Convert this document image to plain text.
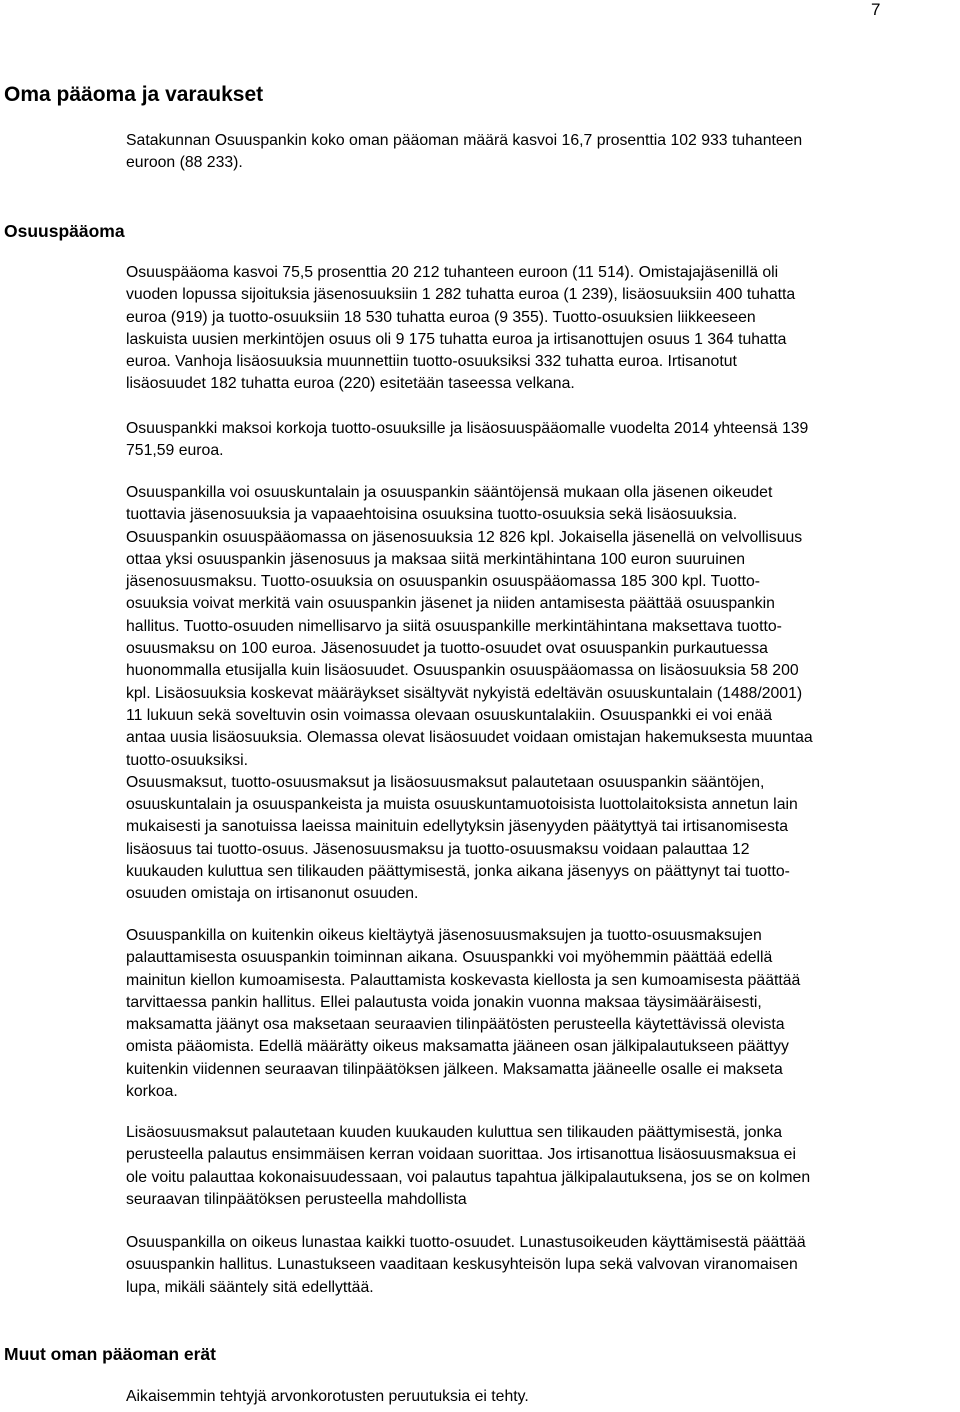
7
Oma pääoma ja varaukset

Satakunnan Osuuspankin koko oman pääoman määrä kasvoi 16,7 prosenttia 102 933 tuhanteen
euroon (88 233).

Osuuspääoma

Osuuspääoma kasvoi 75,5 prosenttia 20 212 tuhanteen euroon (11 514). Omistajajäsenillä oli
vuoden lopussa sijoituksia jäsenosuuksiin 1 282 tuhatta euroa (1 239), lisäosuuksiin 400 tuhatta
euroa (919) ja tuotto-osuuksiin 18 530 tuhatta euroa (9 355). Tuotto-osuuksien liikkeeseen
laskuista uusien merkintöjen osuus oli 9 175 tuhatta euroa ja irtisanottujen osuus 1 364 tuhatta
euroa. Vanhoja lisäosuuksia muunnettiin tuotto-osuuksiksi 332 tuhatta euroa. Irtisanotut
lisäosuudet 182 tuhatta euroa (220) esitetään taseessa velkana.

Osuuspankki maksoi korkoja tuotto-osuuksille ja lisäosuuspääomalle vuodelta 2014 yhteensä 139
751,59 euroa.

Osuuspankilla voi osuuskuntalain ja osuuspankin sääntöjensä mukaan olla jäsenen oikeudet
tuottavia jäsenosuuksia ja vapaaehtoisina osuuksina tuotto-osuuksia sekä lisäosuuksia.
Osuuspankin osuuspääomassa on jäsenosuuksia 12 826 kpl. Jokaisella jäsenellä on velvollisuus
ottaa yksi osuuspankin jäsenosuus ja maksaa siitä merkintähintana 100 euron suuruinen
jäsenosuusmaksu. Tuotto-osuuksia on osuuspankin osuuspääomassa 185 300 kpl. Tuotto-
osuuksia voivat merkitä vain osuuspankin jäsenet ja niiden antamisesta päättää osuuspankin
hallitus. Tuotto-osuuden nimellisarvo ja siitä osuuspankille merkintähintana maksettava tuotto-
osuusmaksu on 100 euroa. Jäsenosuudet ja tuotto-osuudet ovat osuuspankin purkautuessa
huonommalla etusijalla kuin lisäosuudet. Osuuspankin osuuspääomassa on lisäosuuksia 58 200
kpl. Lisäosuuksia koskevat määräykset sisältyvät nykyistä edeltävän osuuskuntalain (1488/2001)
11 lukuun sekä soveltuvin osin voimassa olevaan osuuskuntalakiin. Osuuspankki ei voi enää
antaa uusia lisäosuuksia. Olemassa olevat lisäosuudet voidaan omistajan hakemuksesta muuntaa
tuotto-osuuksiksi.
Osuusmaksut, tuotto-osuusmaksut ja lisäosuusmaksut palautetaan osuuspankin sääntöjen,
osuuskuntalain ja osuuspankeista ja muista osuuskuntamuotoisista luottolaitoksista annetun lain
mukaisesti ja sanotuissa laeissa mainituin edellytyksin jäsenyyden päätyttyä tai irtisanomisesta
lisäosuus tai tuotto-osuus. Jäsenosuusmaksu ja tuotto-osuusmaksu voidaan palauttaa 12
kuukauden kuluttua sen tilikauden päättymisestä, jonka aikana jäsenyys on päättynyt tai tuotto-
osuuden omistaja on irtisanonut osuuden.

Osuuspankilla on kuitenkin oikeus kieltäytyä jäsenosuusmaksujen ja tuotto-osuusmaksujen
palauttamisesta osuuspankin toiminnan aikana. Osuuspankki voi myöhemmin päättää edellä
mainitun kiellon kumoamisesta. Palauttamista koskevasta kiellosta ja sen kumoamisesta päättää
tarvittaessa pankin hallitus. Ellei palautusta voida jonakin vuonna maksaa täysimääräisesti,
maksamatta jäänyt osa maksetaan seuraavien tilinpäätösten perusteella käytettävissä olevista
omista pääomista. Edellä määrätty oikeus maksamatta jääneen osan jälkipalautukseen päättyy
kuitenkin viidennen seuraavan tilinpäätöksen jälkeen. Maksamatta jääneelle osalle ei makseta
korkoa.

Lisäosuusmaksut palautetaan kuuden kuukauden kuluttua sen tilikauden päättymisestä, jonka
perusteella palautus ensimmäisen kerran voidaan suorittaa. Jos irtisanottua lisäosuusmaksua ei
ole voitu palauttaa kokonaisuudessaan, voi palautus tapahtua jälkipalautuksena, jos se on kolmen
seuraavan tilinpäätöksen perusteella mahdollista

Osuuspankilla on oikeus lunastaa kaikki tuotto-osuudet. Lunastusoikeuden käyttämisestä päättää
osuuspankin hallitus. Lunastukseen vaaditaan keskusyhteisön lupa sekä valvovan viranomaisen
lupa, mikäli sääntely sitä edellyttää.

Muut oman pääoman erät

Aikaisemmin tehtyjä arvonkorotusten peruutuksia ei tehty.
